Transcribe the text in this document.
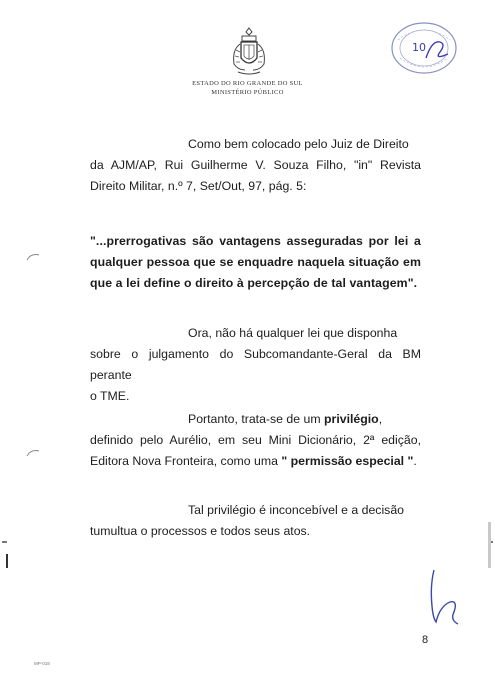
ESTADO DO RIO GRANDE DO SUL
MINISTÉRIO PÚBLICO
10
Como bem colocado pelo Juiz de Direito
da AJM/AP, Rui Guilherme V. Souza Filho, "in" Revista
Direito Militar, n.º 7, Set/Out, 97, pág. 5:
"...prerrogativas são vantagens asseguradas por lei a
qualquer pessoa que se enquadre naquela situação em
que a lei define o direito à percepção de tal vantagem".
Ora, não há qualquer lei que disponha
sobre o julgamento do Subcomandante-Geral da BM perante
o TME.
Portanto, trata-se de um privilégio,
definido pelo Aurélio, em seu Mini Dicionário, 2ª edição,
Editora Nova Fronteira, como uma " permissão especial ".
Tal privilégio é inconcebível e a decisão
tumultua o processos e todos seus atos.
8
MP-018
